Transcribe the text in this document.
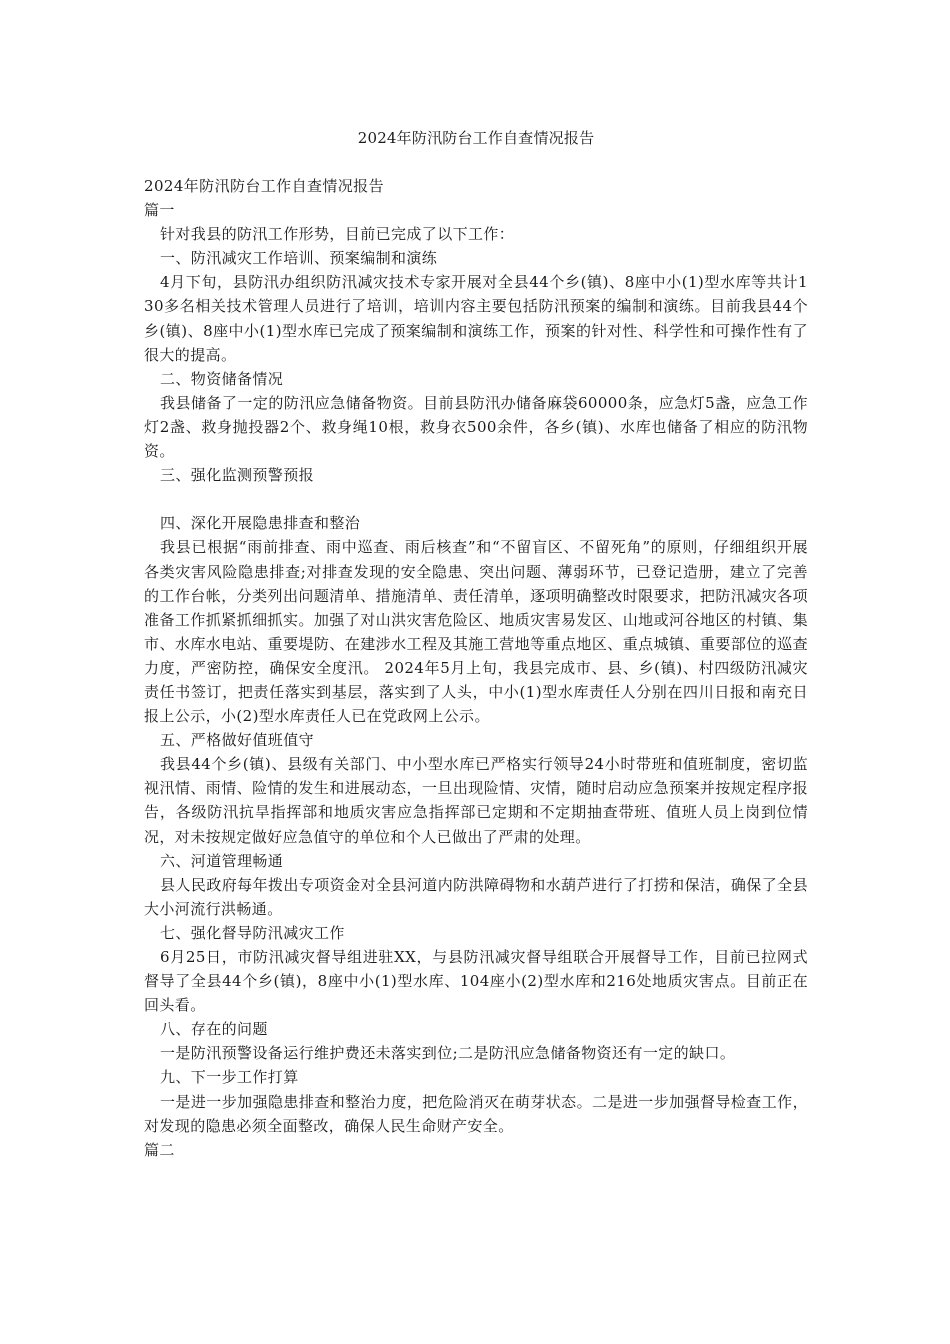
2024年防汛防台工作自查情况报告

2024年防汛防台工作自查情况报告

篇一

针对我县的防汛工作形势，目前已完成了以下工作：

一、防汛减灾工作培训、预案编制和演练

4月下旬，县防汛办组织防汛减灾技术专家开展对全县44个乡(镇)、8座中小(1)型水库等共计130多名相关技术管理人员进行了培训，培训内容主要包括防汛预案的编制和演练。目前我县44个乡(镇)、8座中小(1)型水库已完成了预案编制和演练工作，预案的针对性、科学性和可操作性有了很大的提高。

二、物资储备情况

我县储备了一定的防汛应急储备物资。目前县防汛办储备麻袋60000条，应急灯5盏，应急工作灯2盏、救身抛投器2个、救身绳10根，救身衣500余件，各乡(镇)、水库也储备了相应的防汛物资。

三、强化监测预警预报

四、深化开展隐患排查和整治

我县已根据“雨前排查、雨中巡查、雨后核查”和“不留盲区、不留死角”的原则，仔细组织开展各类灾害风险隐患排查;对排查发现的安全隐患、突出问题、薄弱环节，已登记造册，建立了完善的工作台帐，分类列出问题清单、措施清单、责任清单，逐项明确整改时限要求，把防汛减灾各项准备工作抓紧抓细抓实。加强了对山洪灾害危险区、地质灾害易发区、山地或河谷地区的村镇、集市、水库水电站、重要堤防、在建涉水工程及其施工营地等重点地区、重点城镇、重要部位的巡查力度，严密防控，确保安全度汛。 2024年5月上旬，我县完成市、县、乡(镇)、村四级防汛减灾责任书签订，把责任落实到基层，落实到了人头，中小(1)型水库责任人分别在四川日报和南充日报上公示，小(2)型水库责任人已在党政网上公示。

五、严格做好值班值守

我县44个乡(镇)、县级有关部门、中小型水库已严格实行领导24小时带班和值班制度，密切监视汛情、雨情、险情的发生和进展动态，一旦出现险情、灾情，随时启动应急预案并按规定程序报告，各级防汛抗旱指挥部和地质灾害应急指挥部已定期和不定期抽查带班、值班人员上岗到位情况，对未按规定做好应急值守的单位和个人已做出了严肃的处理。

六、河道管理畅通

县人民政府每年拨出专项资金对全县河道内防洪障碍物和水葫芦进行了打捞和保洁，确保了全县大小河流行洪畅通。

七、强化督导防汛减灾工作

6月25日，市防汛减灾督导组进驻XX，与县防汛减灾督导组联合开展督导工作，目前已拉网式督导了全县44个乡(镇)，8座中小(1)型水库、104座小(2)型水库和216处地质灾害点。目前正在回头看。

八、存在的问题

一是防汛预警设备运行维护费还未落实到位;二是防汛应急储备物资还有一定的缺口。

九、下一步工作打算

一是进一步加强隐患排查和整治力度，把危险消灭在萌芽状态。二是进一步加强督导检查工作，对发现的隐患必须全面整改，确保人民生命财产安全。

篇二
